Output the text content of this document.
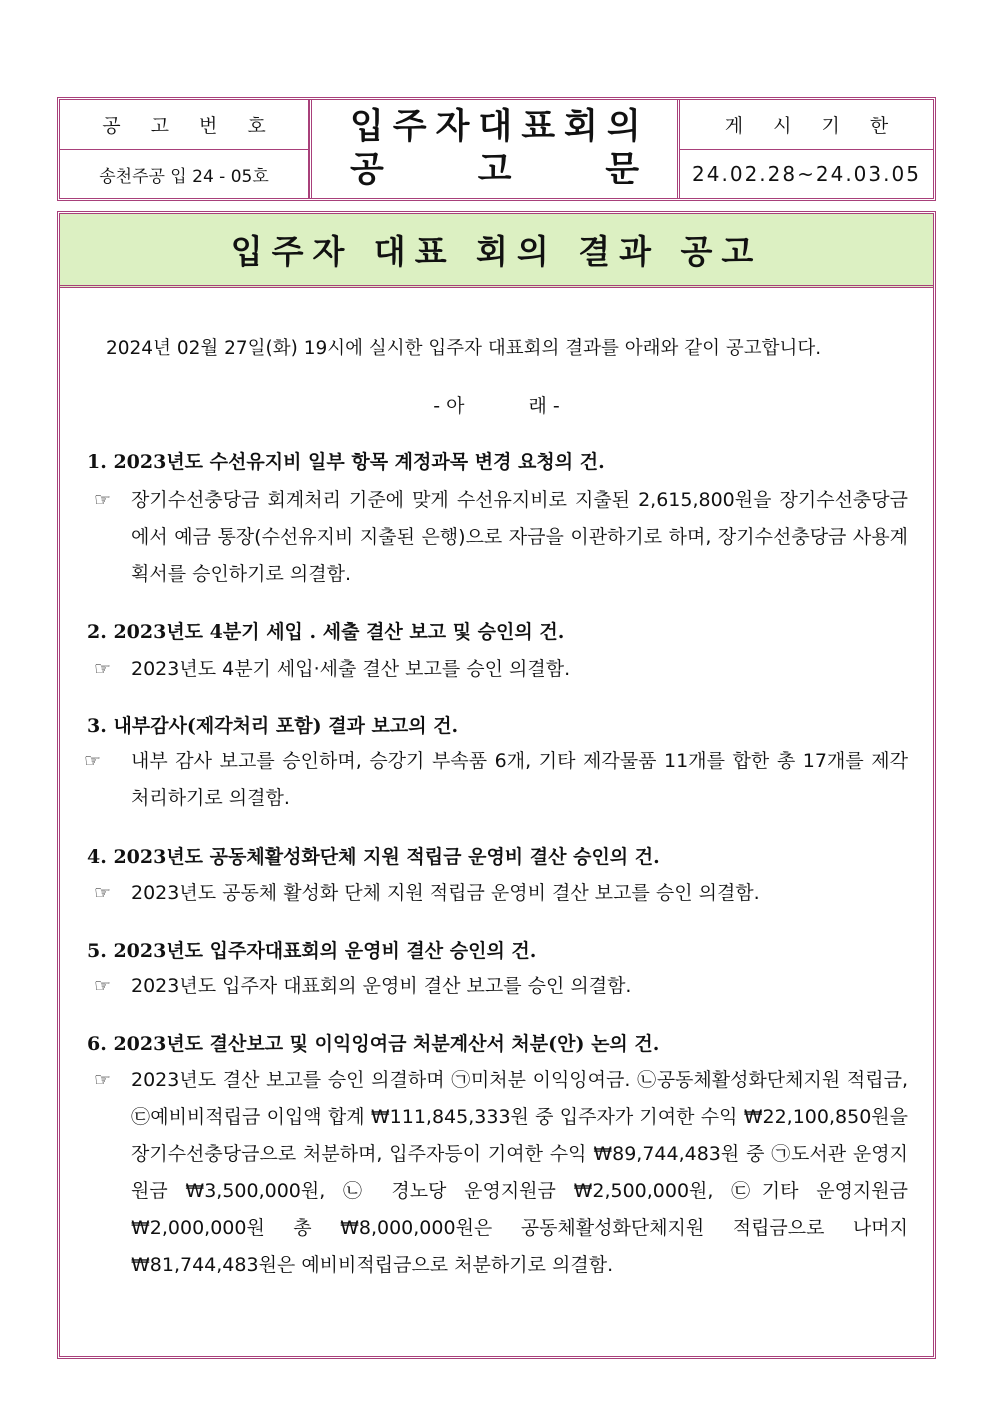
공 고 번 호
송천주공 입 24 - 05호
입주자대표회의
공	고	문
게 시 기 한
24.02.28~24.03.05
입주자 대표 회의 결과 공고
2024년 02월 27일(화) 19시에 실시한 입주자 대표회의 결과를 아래와 같이 공고합니다.
- 아	래 -
1. 2023년도 수선유지비 일부 항목 계정과목 변경 요청의 건.
☞	장기수선충당금 회계처리 기준에 맞게 수선유지비로 지출된 2,615,800원을 장기수선충당금에서 예금 통장(수선유지비 지출된 은행)으로 자금을 이관하기로 하며, 장기수선충당금 사용계획서를 승인하기로 의결함.
2. 2023년도 4분기 세입 . 세출 결산 보고 및 승인의 건.
☞	2023년도 4분기 세입·세출 결산 보고를 승인 의결함.
3. 내부감사(제각처리 포함) 결과 보고의 건.
☞	내부 감사 보고를 승인하며, 승강기 부속품 6개, 기타 제각물품 11개를 합한 총 17개를 제각 처리하기로 의결함.
4. 2023년도 공동체활성화단체 지원 적립금 운영비 결산 승인의 건.
☞	2023년도 공동체 활성화 단체 지원 적립금 운영비 결산 보고를 승인 의결함.
5. 2023년도 입주자대표회의 운영비 결산 승인의 건.
☞	2023년도 입주자 대표회의 운영비 결산 보고를 승인 의결함.
6. 2023년도 결산보고 및 이익잉여금 처분계산서 처분(안) 논의 건.
☞	2023년도 결산 보고를 승인 의결하며 ㉠미처분 이익잉여금. ㉡공동체활성화단체지원 적립금, ㉢예비비적립금 이입액 합계 ₩111,845,333원 중 입주자가 기여한 수익 ₩22,100,850원을 장기수선충당금으로 처분하며, 입주자등이 기여한 수익 ₩89,744,483원 중 ㉠도서관 운영지원금 ₩3,500,000원, ㉡ 경노당 운영지원금 ₩2,500,000원, ㉢기타 운영지원금 ₩2,000,000원 총 ₩8,000,000원은 공동체활성화단체지원 적립금으로 나머지 ₩81,744,483원은 예비비적립금으로 처분하기로 의결함.
